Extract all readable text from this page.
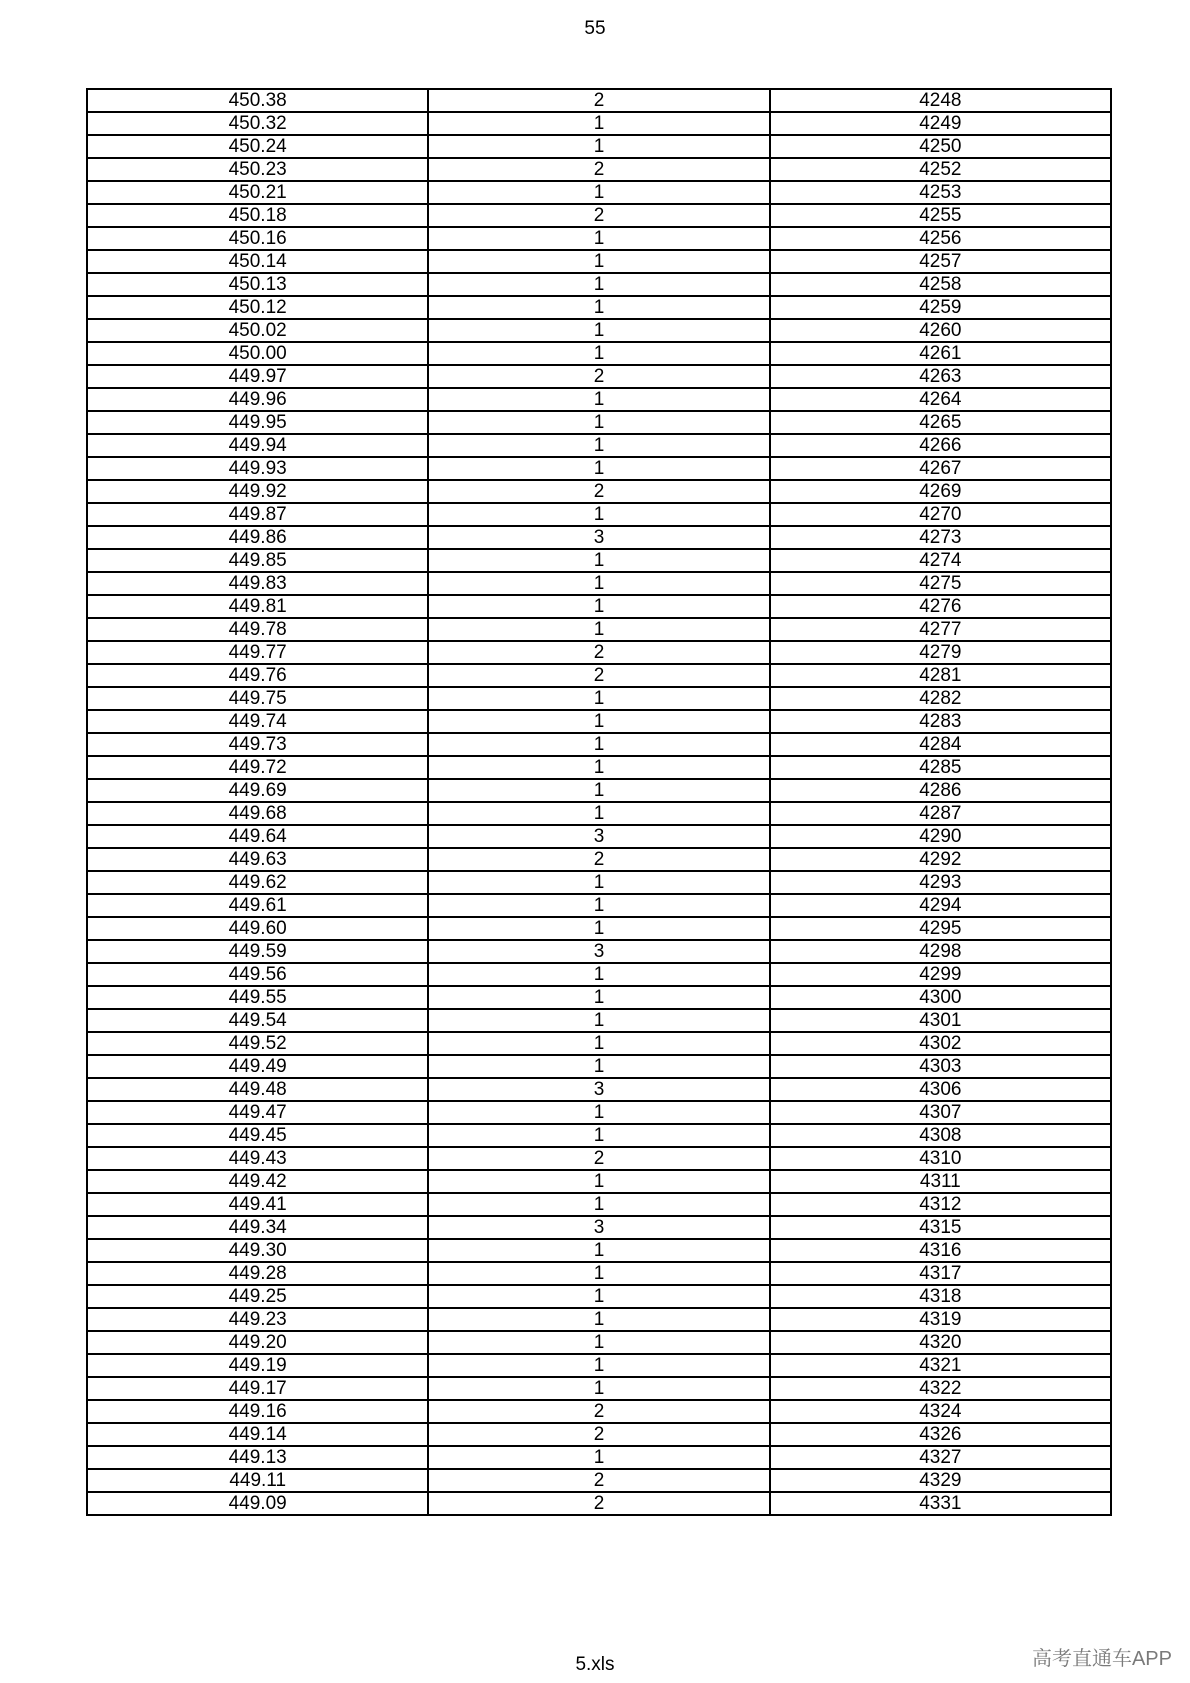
55
450.38	2	4248
450.32	1	4249
450.24	1	4250
450.23	2	4252
450.21	1	4253
450.18	2	4255
450.16	1	4256
450.14	1	4257
450.13	1	4258
450.12	1	4259
450.02	1	4260
450.00	1	4261
449.97	2	4263
449.96	1	4264
449.95	1	4265
449.94	1	4266
449.93	1	4267
449.92	2	4269
449.87	1	4270
449.86	3	4273
449.85	1	4274
449.83	1	4275
449.81	1	4276
449.78	1	4277
449.77	2	4279
449.76	2	4281
449.75	1	4282
449.74	1	4283
449.73	1	4284
449.72	1	4285
449.69	1	4286
449.68	1	4287
449.64	3	4290
449.63	2	4292
449.62	1	4293
449.61	1	4294
449.60	1	4295
449.59	3	4298
449.56	1	4299
449.55	1	4300
449.54	1	4301
449.52	1	4302
449.49	1	4303
449.48	3	4306
449.47	1	4307
449.45	1	4308
449.43	2	4310
449.42	1	4311
449.41	1	4312
449.34	3	4315
449.30	1	4316
449.28	1	4317
449.25	1	4318
449.23	1	4319
449.20	1	4320
449.19	1	4321
449.17	1	4322
449.16	2	4324
449.14	2	4326
449.13	1	4327
449.11	2	4329
449.09	2	4331
5.xls	高考直通车APP
